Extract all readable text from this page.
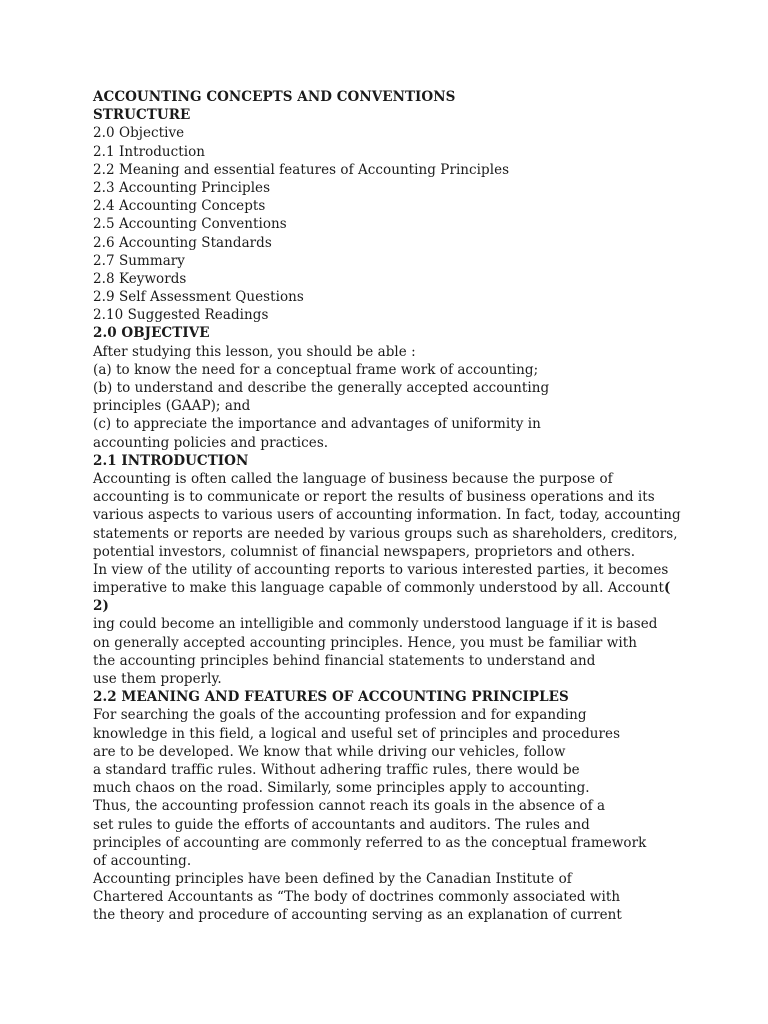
ACCOUNTING CONCEPTS AND CONVENTIONS
STRUCTURE
2.0 Objective
2.1 Introduction
2.2 Meaning and essential features of Accounting Principles
2.3 Accounting Principles
2.4 Accounting Concepts
2.5 Accounting Conventions
2.6 Accounting Standards
2.7 Summary
2.8 Keywords
2.9 Self Assessment Questions
2.10 Suggested Readings
2.0 OBJECTIVE
After studying this lesson, you should be able :
(a) to know the need for a conceptual frame work of accounting;
(b) to understand and describe the generally accepted accounting
principles (GAAP); and
(c) to appreciate the importance and advantages of uniformity in
accounting policies and practices.
2.1 INTRODUCTION
Accounting is often called the language of business because the purpose of
accounting is to communicate or report the results of business operations and its
various aspects to various users of accounting information. In fact, today, accounting
statements or reports are needed by various groups such as shareholders, creditors,
potential investors, columnist of financial newspapers, proprietors and others.
In view of the utility of accounting reports to various interested parties, it becomes
imperative to make this language capable of commonly understood by all. Account(
2)
ing could become an intelligible and commonly understood language if it is based
on generally accepted accounting principles. Hence, you must be familiar with
the accounting principles behind financial statements to understand and
use them properly.
2.2 MEANING AND FEATURES OF ACCOUNTING PRINCIPLES
For searching the goals of the accounting profession and for expanding
knowledge in this field, a logical and useful set of principles and procedures
are to be developed. We know that while driving our vehicles, follow
a standard traffic rules. Without adhering traffic rules, there would be
much chaos on the road. Similarly, some principles apply to accounting.
Thus, the accounting profession cannot reach its goals in the absence of a
set rules to guide the efforts of accountants and auditors. The rules and
principles of accounting are commonly referred to as the conceptual framework
of accounting.
Accounting principles have been defined by the Canadian Institute of
Chartered Accountants as “The body of doctrines commonly associated with
the theory and procedure of accounting serving as an explanation of current
